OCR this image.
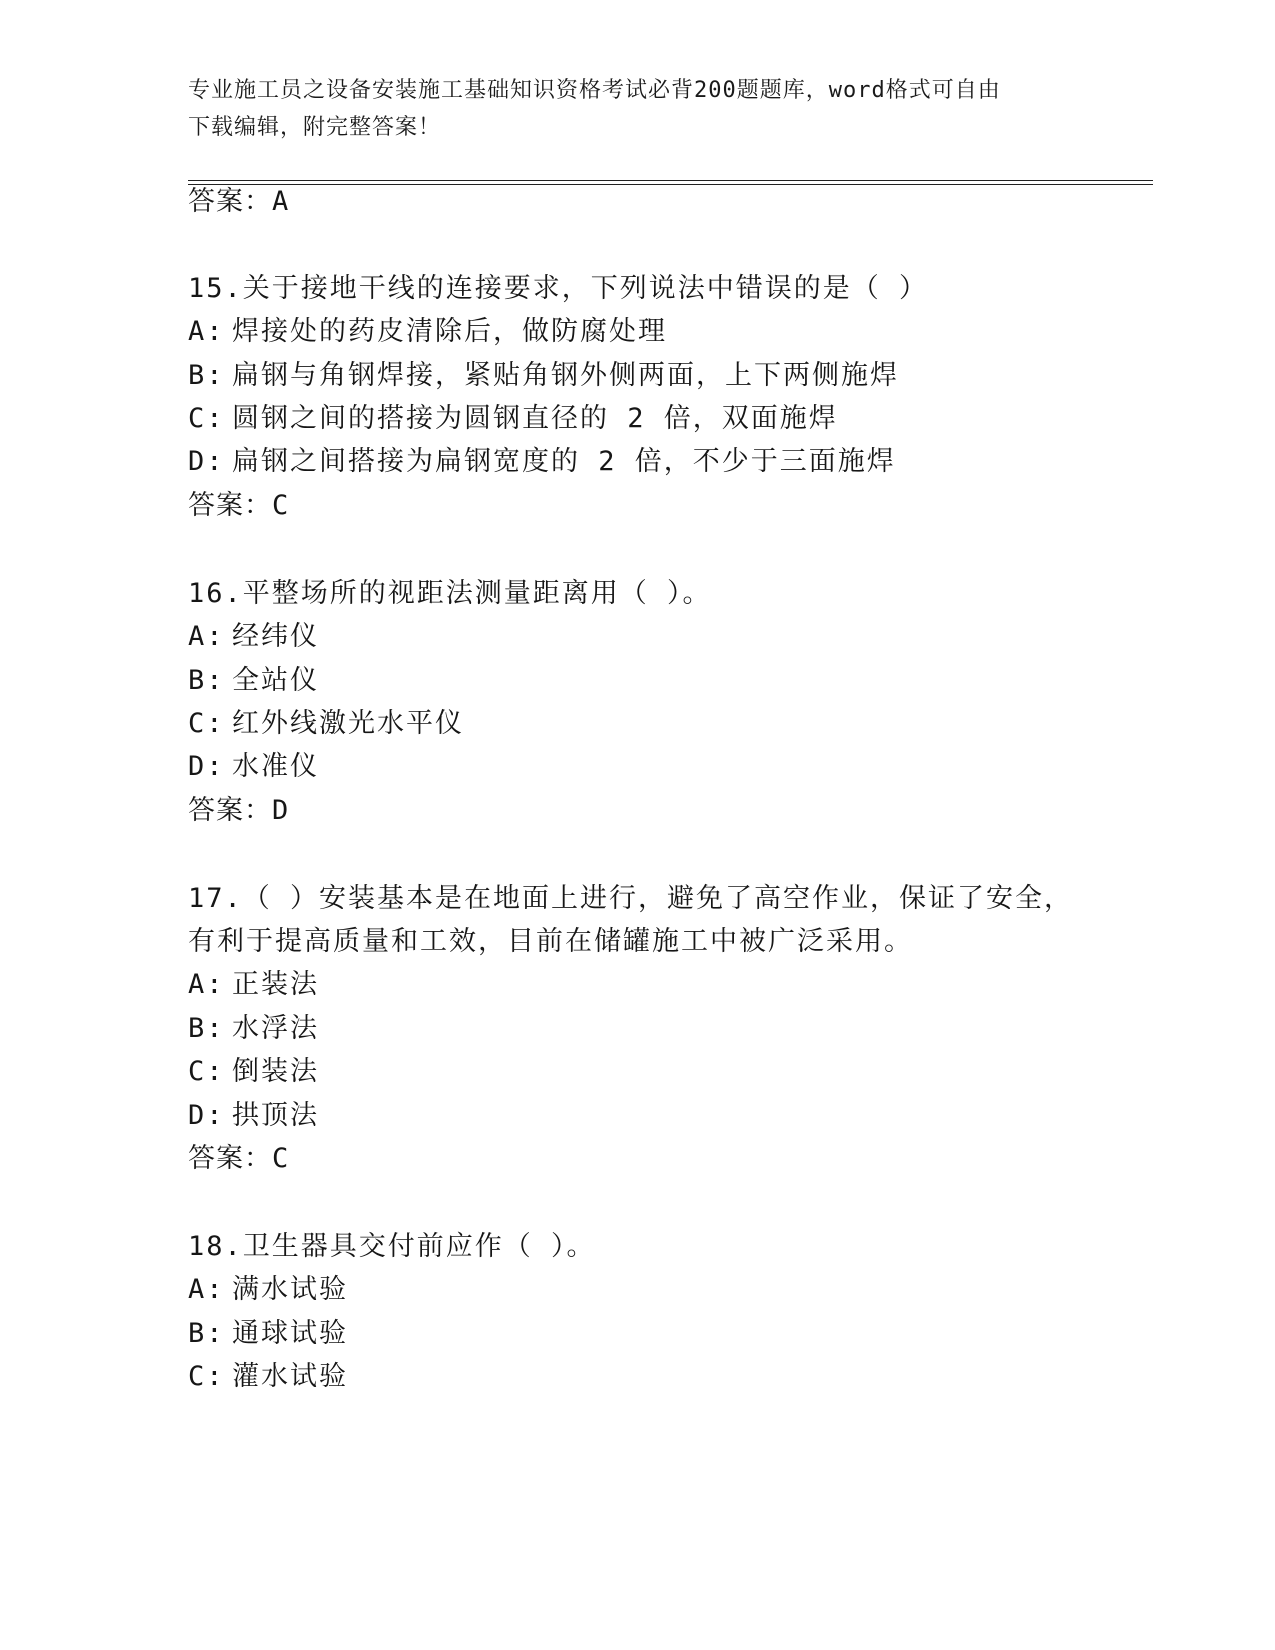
专业施工员之设备安装施工基础知识资格考试必背200题题库，word格式可自由
下载编辑，附完整答案！
答案：A
15.关于接地干线的连接要求，下列说法中错误的是（ ）
A: 焊接处的药皮清除后，做防腐处理
B: 扁钢与角钢焊接，紧贴角钢外侧两面，上下两侧施焊
C: 圆钢之间的搭接为圆钢直径的 2 倍，双面施焊
D: 扁钢之间搭接为扁钢宽度的 2 倍，不少于三面施焊
答案：C
16.平整场所的视距法测量距离用（ ）。
A: 经纬仪
B: 全站仪
C: 红外线激光水平仪
D: 水准仪
答案：D
17.（ ）安装基本是在地面上进行，避免了高空作业，保证了安全，
有利于提高质量和工效，目前在储罐施工中被广泛采用。
A: 正装法
B: 水浮法
C: 倒装法
D: 拱顶法
答案：C
18.卫生器具交付前应作（ ）。
A: 满水试验
B: 通球试验
C: 灌水试验
